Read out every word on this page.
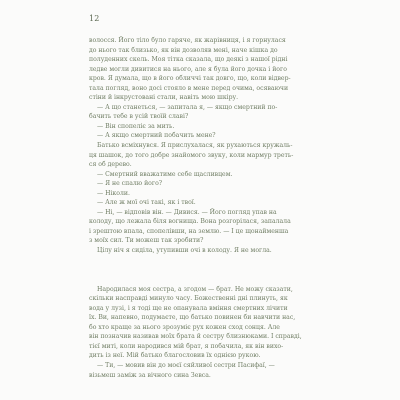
12

волосся. Його тіло було гаряче, як жарівниця, і я горнулася

до нього так близько, як він дозволяв мені, наче кішка до

полуденних скель. Моя тітка сказала, що деякі з нашої рідні

ледве могли дивитися на нього, але я була його дочка і його

кров. Я думала, що в його обличчі так довго, що, коли відвер-

тала погляд, воно досі стояло в мене перед очима, осяваючи

стіни й інкрустовані стали, навіть мою шкіру.

— А що станеться, — запитала я, — якщо смертний по-

бачить тебе в усій твоїй славі?

— Він спопеліє за мить.

— А якщо смертний побачить мене?

Батько всміхнувся. Я прислухалася, як рухаються кружаль-

ця шашок, до того добре знайомого звуку, коли мармур треть-

ся об дерево.

— Смертний вважатиме себе щасливцем.

— Я не спалю його?

— Ніколи.

— Але ж мої очі такі, як і твої.

— Ні, — відповів він. — Дивися. — Його погляд упав на

колоду, що лежала біля вогнища. Вона розгорілася, запалала

і зрештою впала, спопелівши, на землю. — І це щонайменша

з моїх сил. Ти можеш так зробити?

Цілу ніч я сиділа, утупивши очі в колоду. Я не могла.

Народилася моя сестра, а згодом — брат. Не можу сказати,

скільки насправді минуло часу. Божественні дні плинуть, як

вода у лузі, і я тоді ще не опанувала вміння смертних лічити

їх. Ви, напевно, подумаєте, що батько повинен би навчити нас,

бо хто краще за нього зрозуміє рух кожен сход сонця. Але

він позначив називав моїх брата й сестру близнюками. І справді,

тієї миті, коли народився мій брат, я побачила, як він вихо-

дить із неї. Мій батько благословив їх однією рукою.

— Ти, — мовив він до моєї сяйливої сестри Пасифаї, —

візьмеш заміж за вічного сина Зевса.
